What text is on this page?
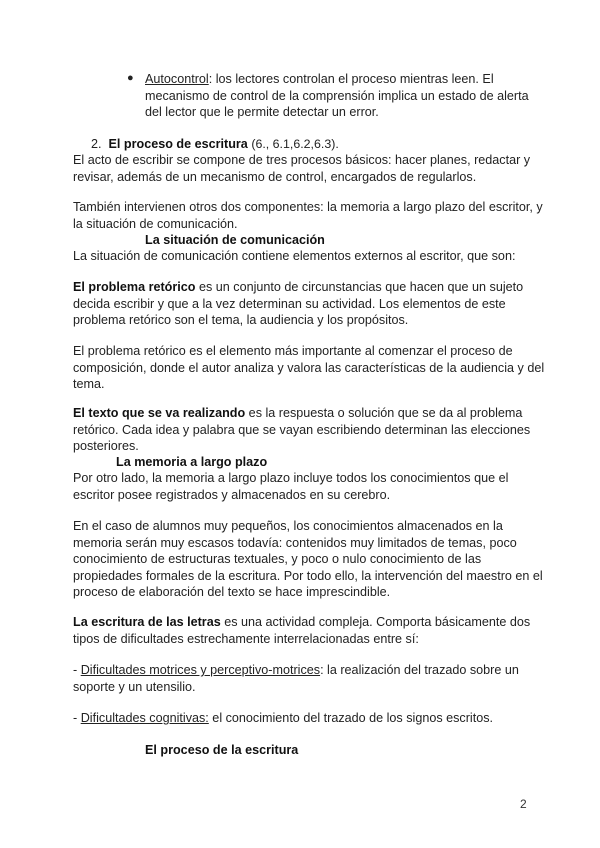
● Autocontrol: los lectores controlan el proceso mientras leen. El
mecanismo de control de la comprensión implica un estado de alerta
del lector que le permite detectar un error.
2. El proceso de escritura (6., 6.1,6.2,6.3).
El acto de escribir se compone de tres procesos básicos: hacer planes, redactar y
revisar, además de un mecanismo de control, encargados de regularlos.
También intervienen otros dos componentes: la memoria a largo plazo del escritor, y
la situación de comunicación.
La situación de comunicación
La situación de comunicación contiene elementos externos al escritor, que son:
El problema retórico es un conjunto de circunstancias que hacen que un sujeto
decida escribir y que a la vez determinan su actividad. Los elementos de este
problema retórico son el tema, la audiencia y los propósitos.
El problema retórico es el elemento más importante al comenzar el proceso de
composición, donde el autor analiza y valora las características de la audiencia y del
tema.
El texto que se va realizando es la respuesta o solución que se da al problema
retórico. Cada idea y palabra que se vayan escribiendo determinan las elecciones
posteriores.
La memoria a largo plazo
Por otro lado, la memoria a largo plazo incluye todos los conocimientos que el
escritor posee registrados y almacenados en su cerebro.
En el caso de alumnos muy pequeños, los conocimientos almacenados en la
memoria serán muy escasos todavía: contenidos muy limitados de temas, poco
conocimiento de estructuras textuales, y poco o nulo conocimiento de las
propiedades formales de la escritura. Por todo ello, la intervención del maestro en el
proceso de elaboración del texto se hace imprescindible.
La escritura de las letras es una actividad compleja. Comporta básicamente dos
tipos de dificultades estrechamente interrelacionadas entre sí:
- Dificultades motrices y perceptivo-motrices: la realización del trazado sobre un
soporte y un utensilio.
- Dificultades cognitivas: el conocimiento del trazado de los signos escritos.
El proceso de la escritura
2
